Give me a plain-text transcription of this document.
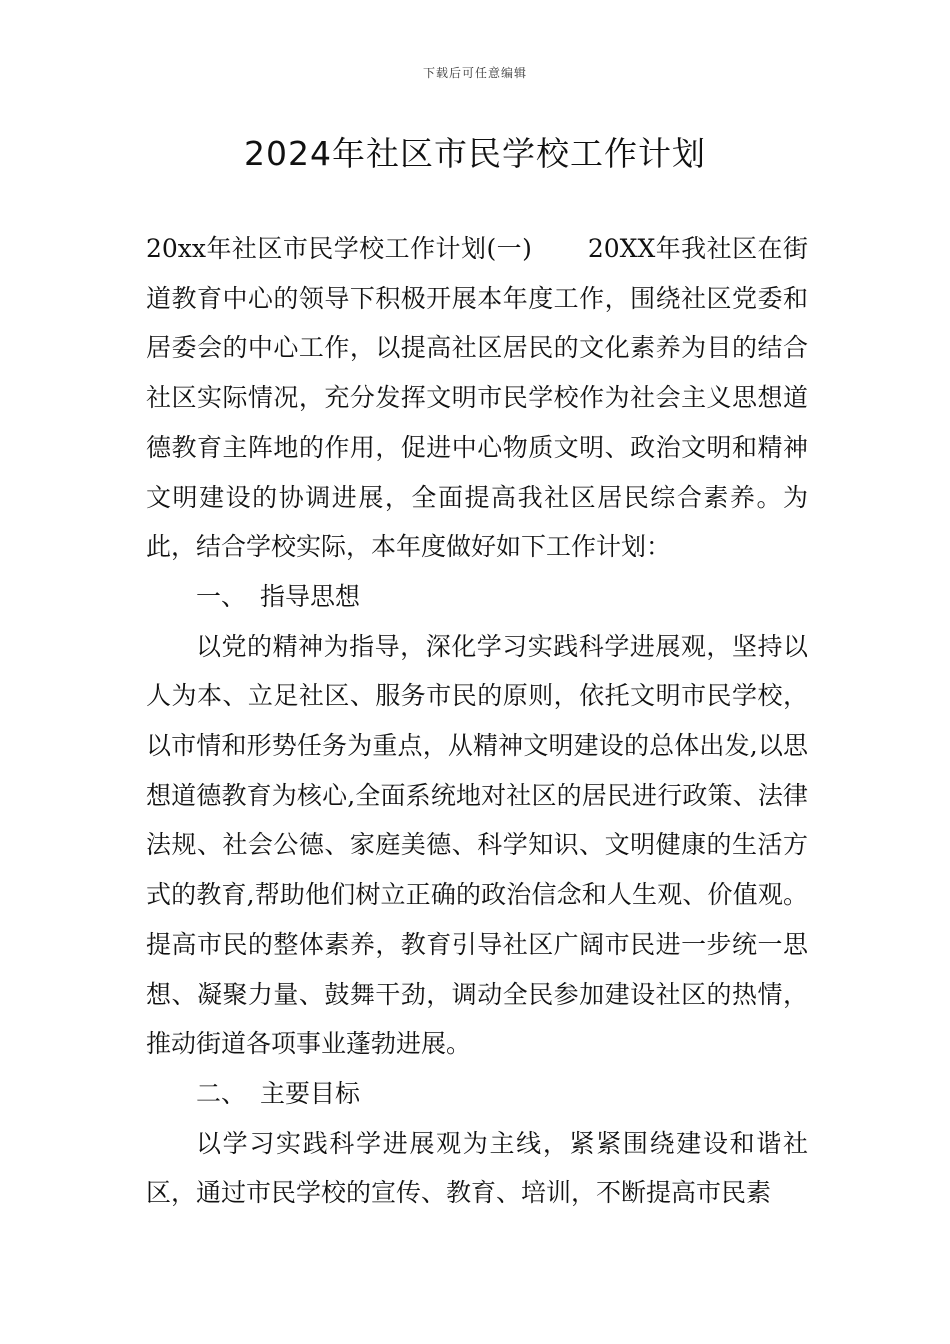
下载后可任意编辑
2024年社区市民学校工作计划

20xx年社区市民学校工作计划(一) 20XX年我社区在街道教育中心的领导下积极开展本年度工作，围绕社区党委和居委会的中心工作，以提高社区居民的文化素养为目的结合社区实际情况，充分发挥文明市民学校作为社会主义思想道德教育主阵地的作用，促进中心物质文明、政治文明和精神文明建设的协调进展，全面提高我社区居民综合素养。为此，结合学校实际，本年度做好如下工作计划：

一、 指导思想

以党的精神为指导，深化学习实践科学进展观，坚持以人为本、立足社区、服务市民的原则，依托文明市民学校，以市情和形势任务为重点，从精神文明建设的总体出发,以思想道德教育为核心,全面系统地对社区的居民进行政策、法律法规、社会公德、家庭美德、科学知识、文明健康的生活方式的教育,帮助他们树立正确的政治信念和人生观、价值观。提高市民的整体素养，教育引导社区广阔市民进一步统一思想、凝聚力量、鼓舞干劲，调动全民参加建设社区的热情，推动街道各项事业蓬勃进展。

二、 主要目标

以学习实践科学进展观为主线，紧紧围绕建设和谐社区，通过市民学校的宣传、教育、培训，不断提高市民素
